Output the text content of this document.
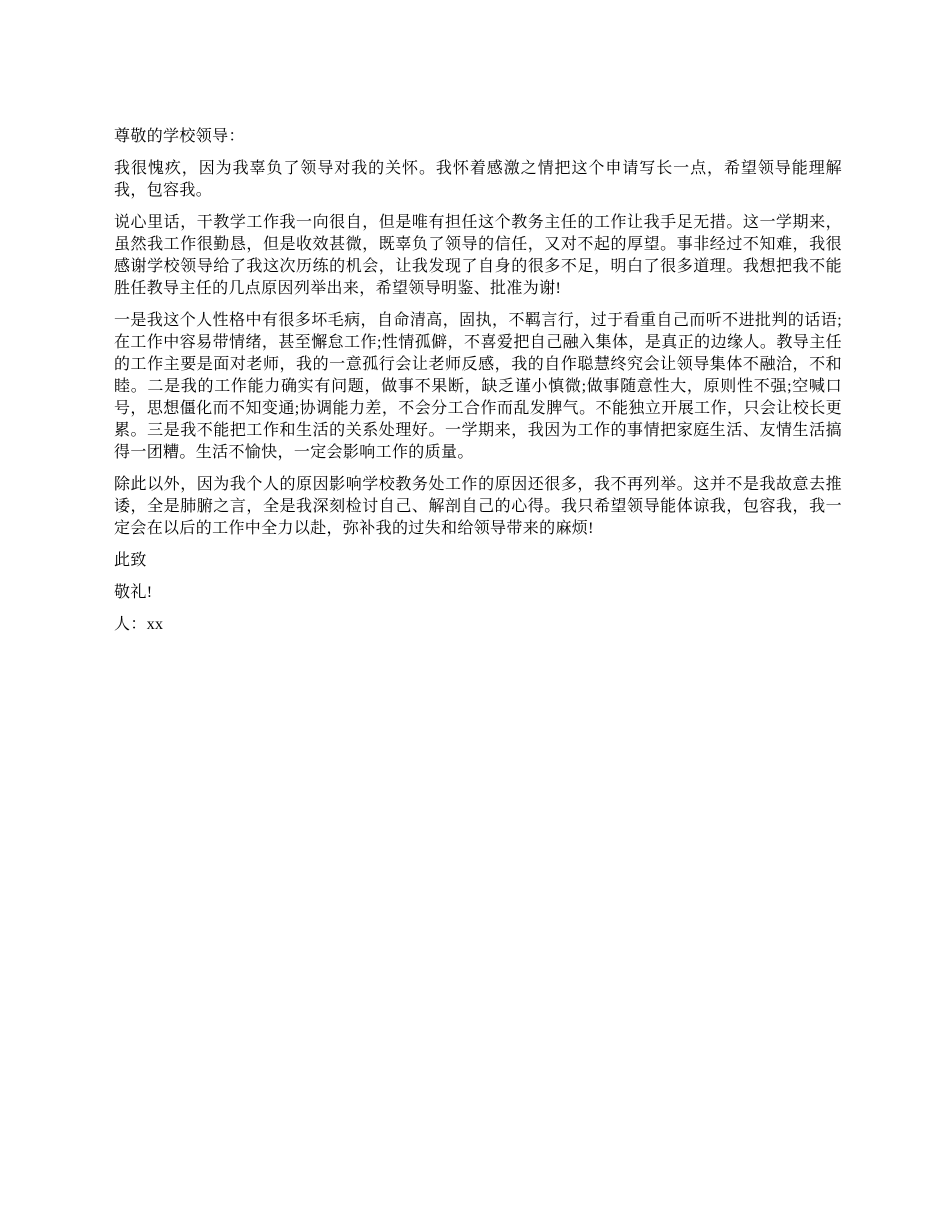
尊敬的学校领导：

我很愧疚，因为我辜负了领导对我的关怀。我怀着感激之情把这个申请写长一点，希望领导能理解我，包容我。

说心里话，干教学工作我一向很自，但是唯有担任这个教务主任的工作让我手足无措。这一学期来，虽然我工作很勤恳，但是收效甚微，既辜负了领导的信任，又对不起的厚望。事非经过不知难，我很感谢学校领导给了我这次历练的机会，让我发现了自身的很多不足，明白了很多道理。我想把我不能胜任教导主任的几点原因列举出来，希望领导明鉴、批准为谢!

一是我这个人性格中有很多坏毛病，自命清高，固执，不羁言行，过于看重自己而听不进批判的话语;在工作中容易带情绪，甚至懈怠工作;性情孤僻，不喜爱把自己融入集体，是真正的边缘人。教导主任的工作主要是面对老师，我的一意孤行会让老师反感，我的自作聪慧终究会让领导集体不融洽，不和睦。二是我的工作能力确实有问题，做事不果断，缺乏谨小慎微;做事随意性大，原则性不强;空喊口号，思想僵化而不知变通;协调能力差，不会分工合作而乱发脾气。不能独立开展工作，只会让校长更累。三是我不能把工作和生活的关系处理好。一学期来，我因为工作的事情把家庭生活、友情生活搞得一团糟。生活不愉快，一定会影响工作的质量。

除此以外，因为我个人的原因影响学校教务处工作的原因还很多，我不再列举。这并不是我故意去推诿，全是肺腑之言，全是我深刻检讨自己、解剖自己的心得。我只希望领导能体谅我，包容我，我一定会在以后的工作中全力以赴，弥补我的过失和给领导带来的麻烦!

此致

敬礼!

人：xx
